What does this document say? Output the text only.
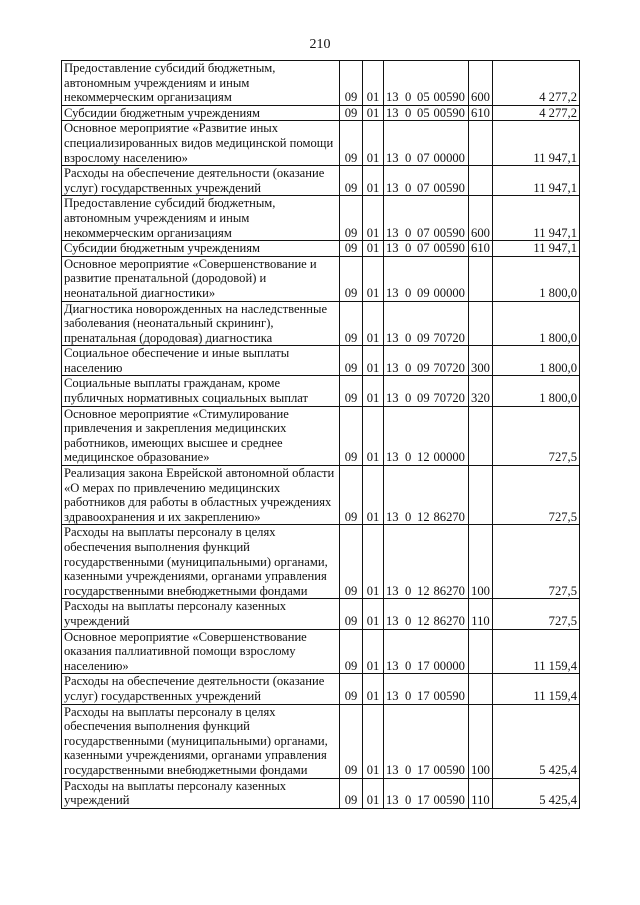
210
Предоставление субсидий бюджетным, автономным учреждениям и иным некоммерческим организациям	09	01	13 0 05 00590	600	4 277,2
Субсидии бюджетным учреждениям	09	01	13 0 05 00590	610	4 277,2
Основное мероприятие «Развитие иных специализированных видов медицинской помощи взрослому населению»	09	01	13 0 07 00000		11 947,1
Расходы на обеспечение деятельности (оказание услуг) государственных учреждений	09	01	13 0 07 00590		11 947,1
Предоставление субсидий бюджетным, автономным учреждениям и иным некоммерческим организациям	09	01	13 0 07 00590	600	11 947,1
Субсидии бюджетным учреждениям	09	01	13 0 07 00590	610	11 947,1
Основное мероприятие «Совершенствование и развитие пренатальной (дородовой) и неонатальной диагностики»	09	01	13 0 09 00000		1 800,0
Диагностика новорожденных на наследственные заболевания (неонатальный скрининг), пренатальная (дородовая) диагностика	09	01	13 0 09 70720		1 800,0
Социальное обеспечение и иные выплаты населению	09	01	13 0 09 70720	300	1 800,0
Социальные выплаты гражданам, кроме публичных нормативных социальных выплат	09	01	13 0 09 70720	320	1 800,0
Основное мероприятие «Стимулирование привлечения и закрепления медицинских работников, имеющих высшее и среднее медицинское образование»	09	01	13 0 12 00000		727,5
Реализация закона Еврейской автономной области «О мерах по привлечению медицинских работников для работы в областных учреждениях здравоохранения и их закреплению»	09	01	13 0 12 86270		727,5
Расходы на выплаты персоналу в целях обеспечения выполнения функций государственными (муниципальными) органами, казенными учреждениями, органами управления государственными внебюджетными фондами	09	01	13 0 12 86270	100	727,5
Расходы на выплаты персоналу казенных учреждений	09	01	13 0 12 86270	110	727,5
Основное мероприятие «Совершенствование оказания паллиативной помощи взрослому населению»	09	01	13 0 17 00000		11 159,4
Расходы на обеспечение деятельности (оказание услуг) государственных учреждений	09	01	13 0 17 00590		11 159,4
Расходы на выплаты персоналу в целях обеспечения выполнения функций государственными (муниципальными) органами, казенными учреждениями, органами управления государственными внебюджетными фондами	09	01	13 0 17 00590	100	5 425,4
Расходы на выплаты персоналу казенных учреждений	09	01	13 0 17 00590	110	5 425,4
